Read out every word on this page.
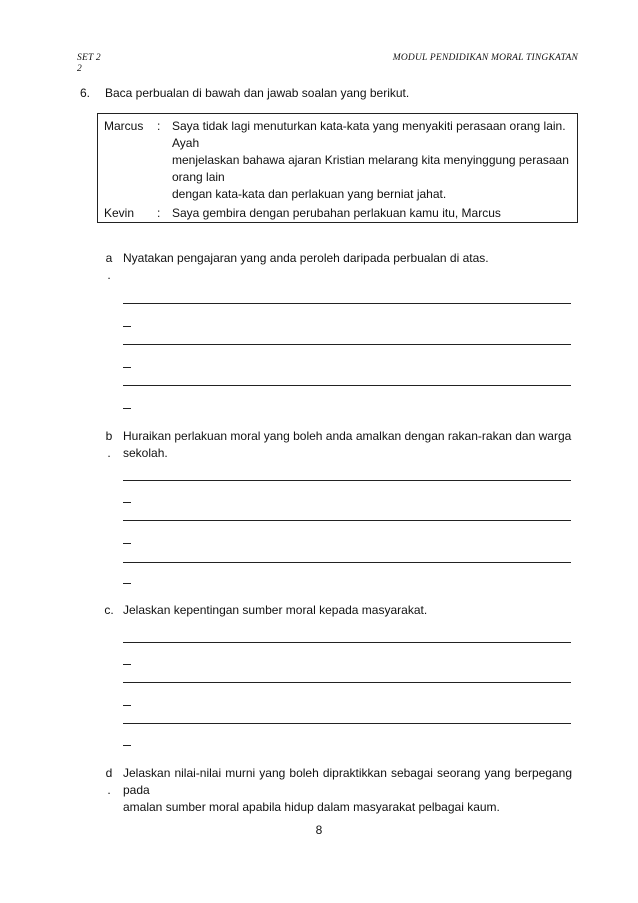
SET 2
2
MODUL PENDIDIKAN MORAL TINGKATAN
6. Baca perbualan di bawah dan jawab soalan yang berikut.
Marcus : Saya tidak lagi menuturkan kata-kata yang menyakiti perasaan orang lain.
Ayah
menjelaskan bahawa ajaran Kristian melarang kita menyinggung perasaan
orang lain
dengan kata-kata dan perlakuan yang berniat jahat.
Kevin : Saya gembira dengan perubahan perlakuan kamu itu, Marcus
a
.
Nyatakan pengajaran yang anda peroleh daripada perbualan di atas.
b
.
Huraikan perlakuan moral yang boleh anda amalkan dengan rakan-rakan dan warga
sekolah.
c. Jelaskan kepentingan sumber moral kepada masyarakat.
d
.
Jelaskan nilai-nilai murni yang boleh dipraktikkan sebagai seorang yang berpegang
pada
amalan sumber moral apabila hidup dalam masyarakat pelbagai kaum.
8
